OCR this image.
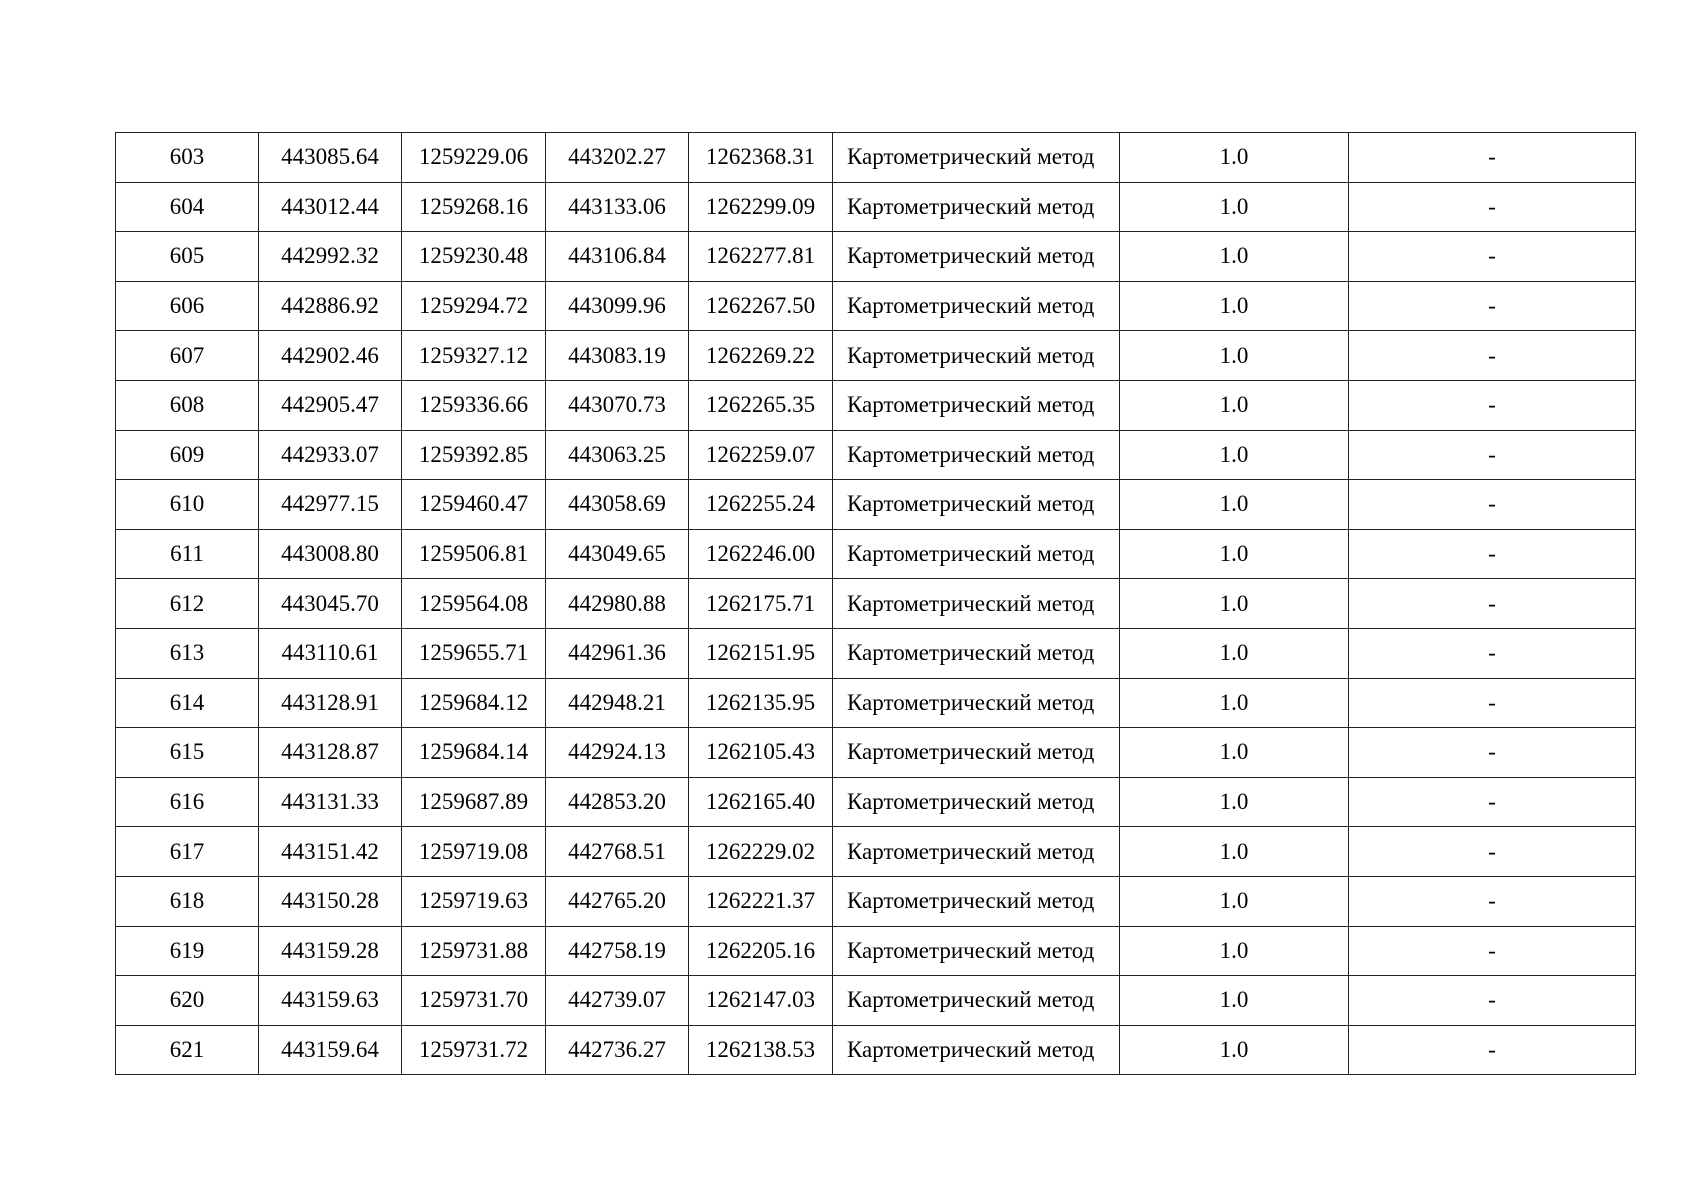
603	443085.64	1259229.06	443202.27	1262368.31	Картометрический метод	1.0	-
604	443012.44	1259268.16	443133.06	1262299.09	Картометрический метод	1.0	-
605	442992.32	1259230.48	443106.84	1262277.81	Картометрический метод	1.0	-
606	442886.92	1259294.72	443099.96	1262267.50	Картометрический метод	1.0	-
607	442902.46	1259327.12	443083.19	1262269.22	Картометрический метод	1.0	-
608	442905.47	1259336.66	443070.73	1262265.35	Картометрический метод	1.0	-
609	442933.07	1259392.85	443063.25	1262259.07	Картометрический метод	1.0	-
610	442977.15	1259460.47	443058.69	1262255.24	Картометрический метод	1.0	-
611	443008.80	1259506.81	443049.65	1262246.00	Картометрический метод	1.0	-
612	443045.70	1259564.08	442980.88	1262175.71	Картометрический метод	1.0	-
613	443110.61	1259655.71	442961.36	1262151.95	Картометрический метод	1.0	-
614	443128.91	1259684.12	442948.21	1262135.95	Картометрический метод	1.0	-
615	443128.87	1259684.14	442924.13	1262105.43	Картометрический метод	1.0	-
616	443131.33	1259687.89	442853.20	1262165.40	Картометрический метод	1.0	-
617	443151.42	1259719.08	442768.51	1262229.02	Картометрический метод	1.0	-
618	443150.28	1259719.63	442765.20	1262221.37	Картометрический метод	1.0	-
619	443159.28	1259731.88	442758.19	1262205.16	Картометрический метод	1.0	-
620	443159.63	1259731.70	442739.07	1262147.03	Картометрический метод	1.0	-
621	443159.64	1259731.72	442736.27	1262138.53	Картометрический метод	1.0	-
